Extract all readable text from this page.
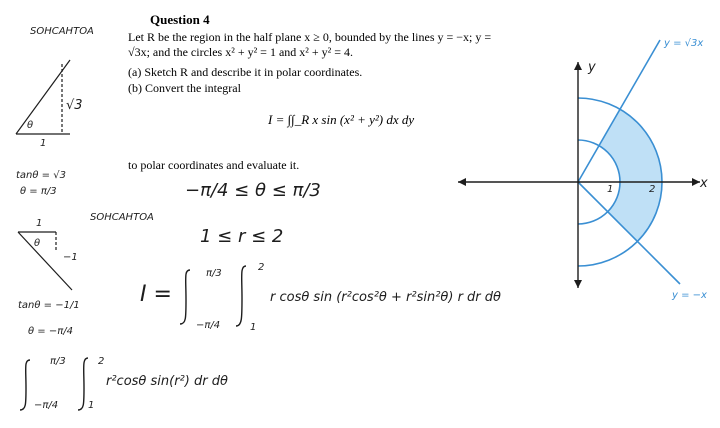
Question 4
Let R be the region in the half plane x ≥ 0, bounded by the lines y = −x; y =
√3x; and the circles x² + y² = 1 and x² + y² = 4.
(a) Sketch R and describe it in polar coordinates.
(b) Convert the integral
I = ∫∫_R x sin (x² + y²) dx dy
to polar coordinates and evaluate it.
SOHCAHTOA
√3
1
θ
tanθ = √3
θ = π/3
SOHCAHTOA
−1
1
θ
tanθ = −1/1
θ = −π/4
−π/4 ≤ θ ≤ π/3
1 ≤ r ≤ 2
I =
π/3
−π/4
2
1
r cosθ sin (r²cos²θ + r²sin²θ) r dr dθ
π/3
−π/4
2
1
r²cosθ sin(r²) dr dθ
x
y
y = √3x
y = −x
1	2
